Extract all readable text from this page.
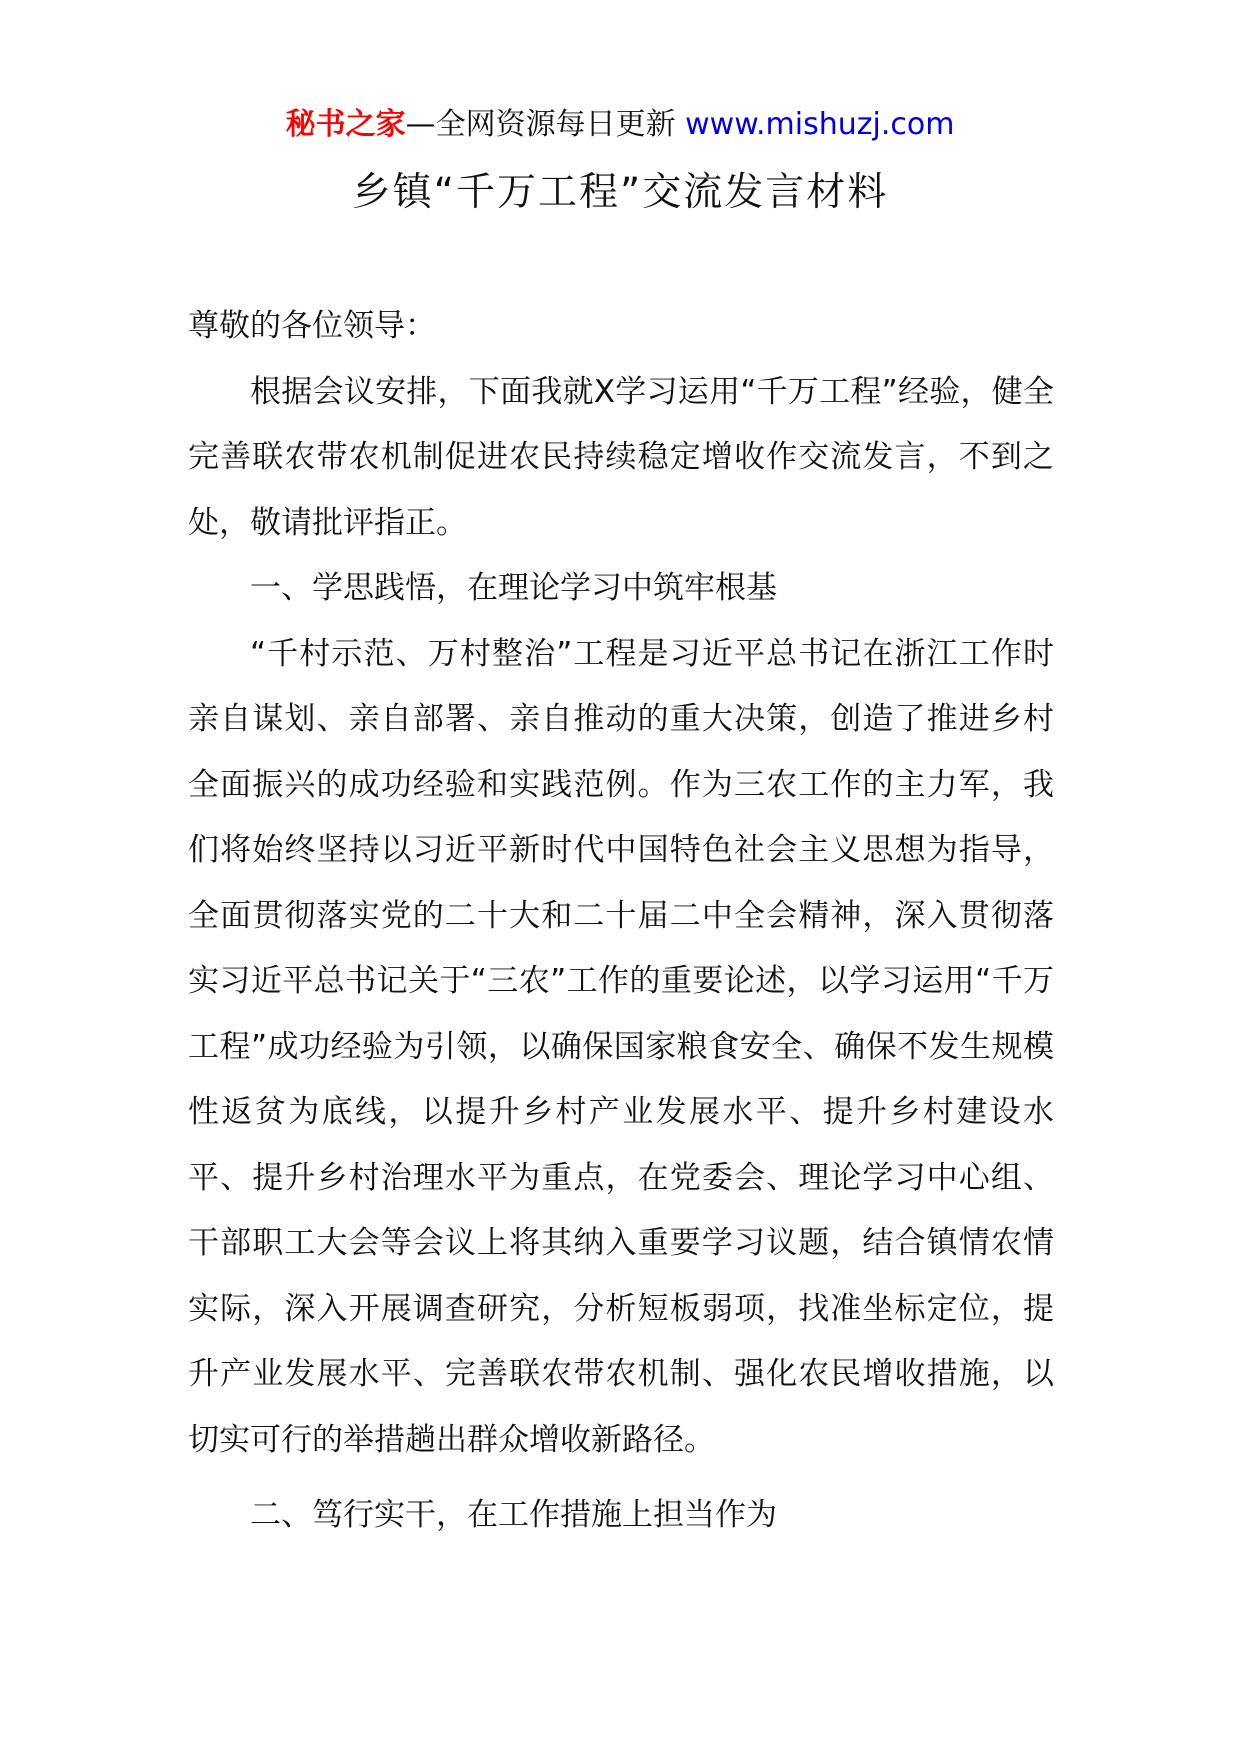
秘书之家—全网资源每日更新 www.mishuzj.com
乡镇“千万工程”交流发言材料

尊敬的各位领导：

根据会议安排，下面我就X学习运用“千万工程”经验，健全完善联农带农机制促进农民持续稳定增收作交流发言，不到之处，敬请批评指正。

一、学思践悟，在理论学习中筑牢根基

“千村示范、万村整治”工程是习近平总书记在浙江工作时亲自谋划、亲自部署、亲自推动的重大决策，创造了推进乡村全面振兴的成功经验和实践范例。作为三农工作的主力军，我们将始终坚持以习近平新时代中国特色社会主义思想为指导，全面贯彻落实党的二十大和二十届二中全会精神，深入贯彻落实习近平总书记关于“三农”工作的重要论述，以学习运用“千万工程”成功经验为引领，以确保国家粮食安全、确保不发生规模性返贫为底线，以提升乡村产业发展水平、提升乡村建设水平、提升乡村治理水平为重点，在党委会、理论学习中心组、干部职工大会等会议上将其纳入重要学习议题，结合镇情农情实际，深入开展调查研究，分析短板弱项，找准坐标定位，提升产业发展水平、完善联农带农机制、强化农民增收措施，以切实可行的举措趟出群众增收新路径。

二、笃行实干，在工作措施上担当作为
